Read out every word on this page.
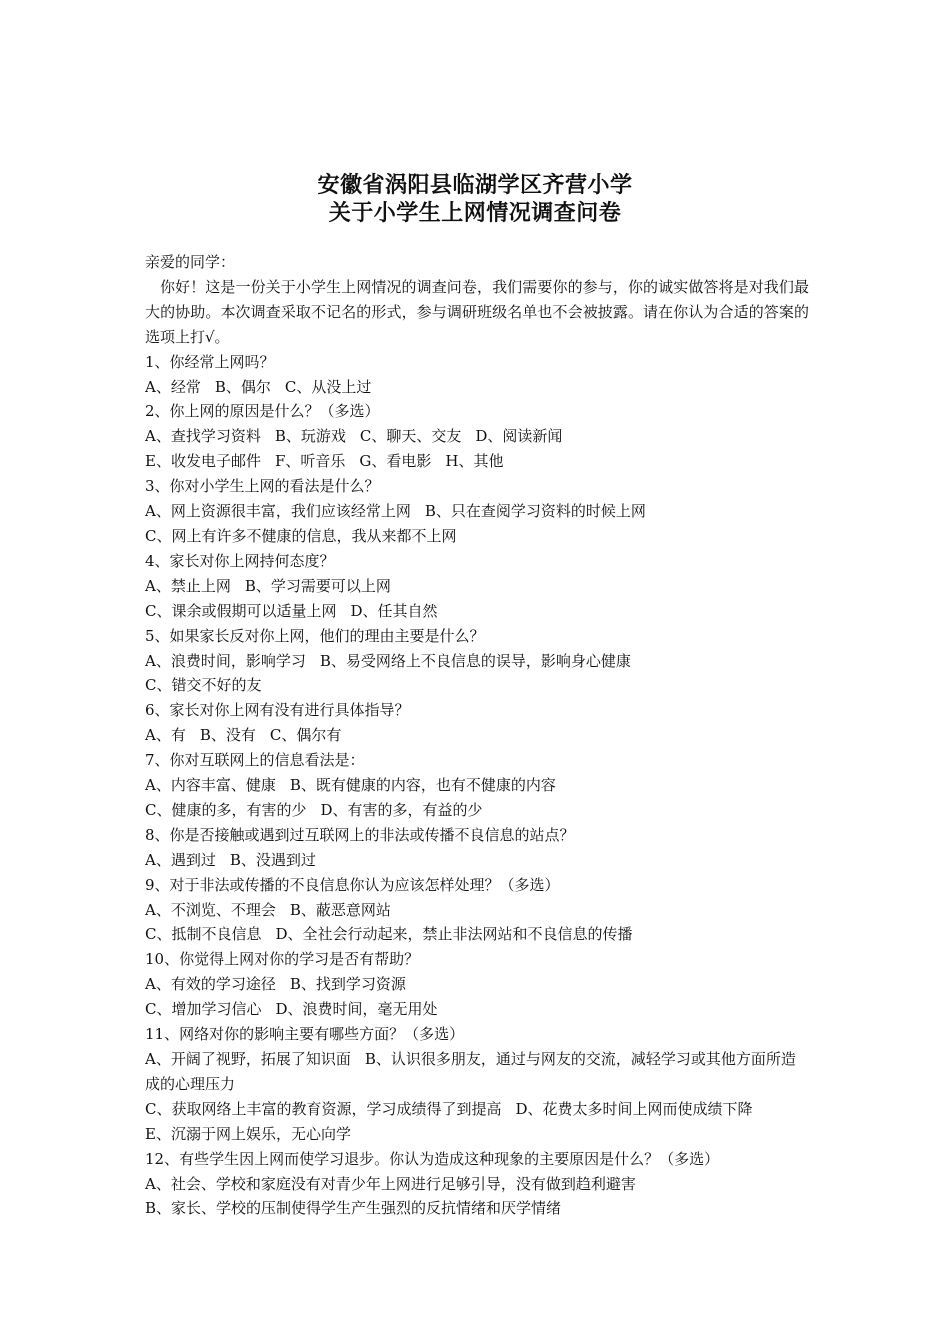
安徽省涡阳县临湖学区齐营小学
关于小学生上网情况调查问卷
亲爱的同学：
你好！这是一份关于小学生上网情况的调查问卷，我们需要你的参与，你的诚实做答将是对我们最大的协助。本次调查采取不记名的形式，参与调研班级名单也不会被披露。请在你认为合适的答案的选项上打√。
1、你经常上网吗？
A、经常 B、偶尔 C、从没上过
2、你上网的原因是什么？（多选）
A、查找学习资料 B、玩游戏 C、聊天、交友 D、阅读新闻
E、收发电子邮件 F、听音乐 G、看电影 H、其他
3、你对小学生上网的看法是什么？
A、网上资源很丰富，我们应该经常上网 B、只在查阅学习资料的时候上网
C、网上有许多不健康的信息，我从来都不上网
4、家长对你上网持何态度？
A、禁止上网 B、学习需要可以上网
C、课余或假期可以适量上网 D、任其自然
5、如果家长反对你上网，他们的理由主要是什么？
A、浪费时间，影响学习 B、易受网络上不良信息的误导，影响身心健康
C、错交不好的友
6、家长对你上网有没有进行具体指导？
A、有 B、没有 C、偶尔有
7、你对互联网上的信息看法是：
A、内容丰富、健康 B、既有健康的内容，也有不健康的内容
C、健康的多，有害的少 D、有害的多，有益的少
8、你是否接触或遇到过互联网上的非法或传播不良信息的站点？
A、遇到过 B、没遇到过
9、对于非法或传播的不良信息你认为应该怎样处理？（多选）
A、不浏览、不理会 B、蔽恶意网站
C、抵制不良信息 D、全社会行动起来，禁止非法网站和不良信息的传播
10、你觉得上网对你的学习是否有帮助？
A、有效的学习途径 B、找到学习资源
C、增加学习信心 D、浪费时间，毫无用处
11、网络对你的影响主要有哪些方面？（多选）
A、开阔了视野，拓展了知识面 B、认识很多朋友，通过与网友的交流，减轻学习或其他方面所造成的心理压力
C、获取网络上丰富的教育资源，学习成绩得了到提高 D、花费太多时间上网而使成绩下降
E、沉溺于网上娱乐，无心向学
12、有些学生因上网而使学习退步。你认为造成这种现象的主要原因是什么？（多选）
A、社会、学校和家庭没有对青少年上网进行足够引导，没有做到趋利避害
B、家长、学校的压制使得学生产生强烈的反抗情绪和厌学情绪
